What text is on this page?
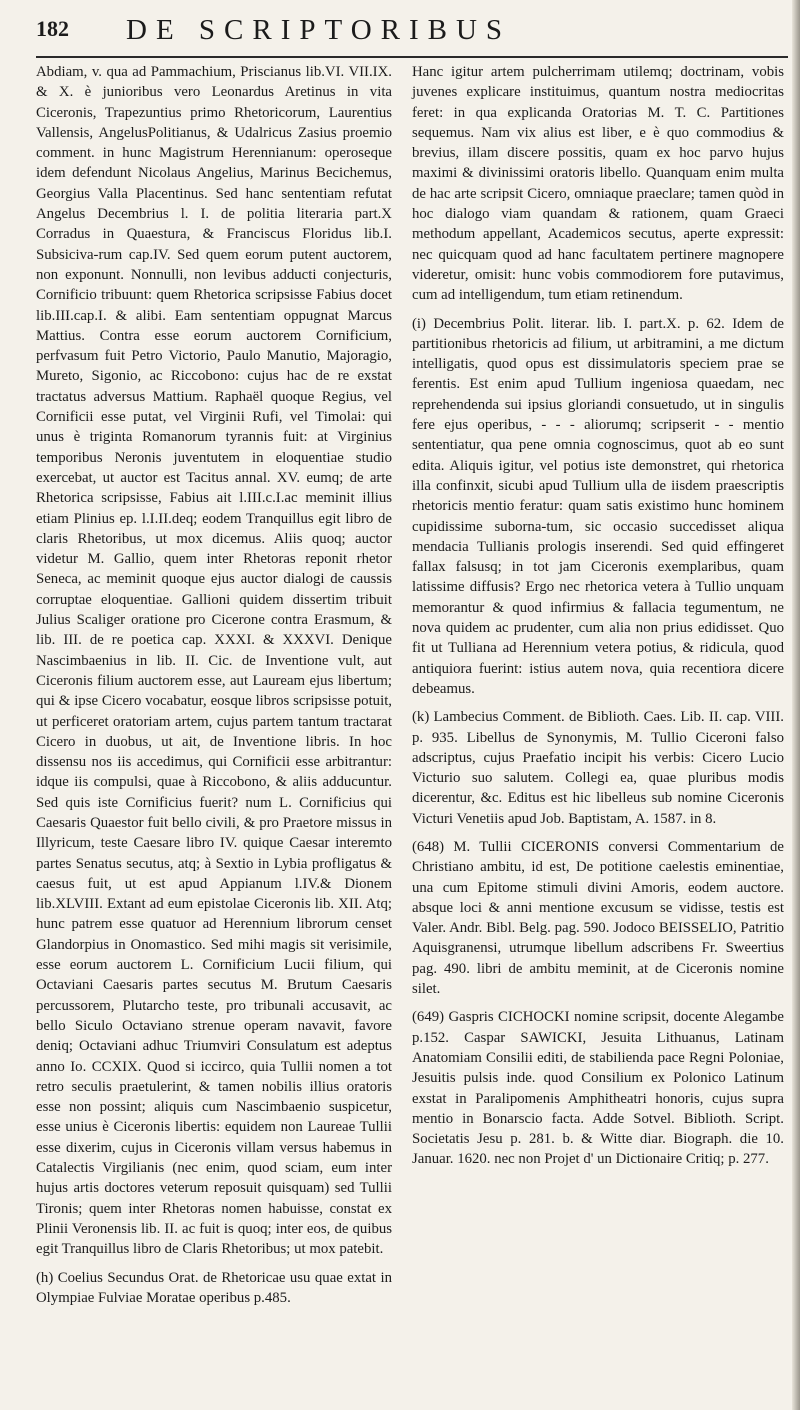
182 DE SCRIPTORIBUS

Abdiam, v. qua ad Pammachium, Priscianus lib.VI. VII.IX. & X. è junioribus vero Leonardus Aretinus in vita Ciceronis, Trapezuntius primo Rhetoricorum, Laurentius Vallensis, AngelusPolitianus, & Udalricus Zasius proemio comment. in hunc Magistrum Herennianum: operoseque idem defendunt Nicolaus Angelius, Marinus Becichemus, Georgius Valla Placentinus. Sed hanc sententiam refutat Angelus Decembrius l. I. de politia literaria part.X Corradus in Quaestura, & Franciscus Floridus lib.I. Subsiciva-rum cap.IV. Sed quem eorum putent auctorem, non exponunt. Nonnulli, non levibus adducti conjecturis, Cornificio tribuunt: quem Rhetorica scripsisse Fabius docet lib.III.cap.I. & alibi. Eam sententiam oppugnat Marcus Mattius. Contra esse eorum auctorem Cornificium, perfvasum fuit Petro Victorio, Paulo Manutio, Majoragio, Mureto, Sigonio, ac Riccobono: cujus hac de re exstat tractatus adversus Mattium. Raphaël quoque Regius, vel Cornificii esse putat, vel Virginii Rufi, vel Timolai: qui unus è triginta Romanorum tyrannis fuit: at Virginius temporibus Neronis juventutem in eloquentiae studio exercebat, ut auctor est Tacitus annal. XV. eumq; de arte Rhetorica scripsisse, Fabius ait l.III.c.I.ac meminit illius etiam Plinius ep. l.I.II.deq; eodem Tranquillus egit libro de claris Rhetoribus, ut mox dicemus. Aliis quoq; auctor videtur M. Gallio, quem inter Rhetoras reponit rhetor Seneca, ac meminit quoque ejus auctor dialogi de caussis corruptae eloquentiae. Gallioni quidem dissertim tribuit Julius Scaliger oratione pro Cicerone contra Erasmum, & lib. III. de re poetica cap. XXXI. & XXXVI. Denique Nascimbaenius in lib. II. Cic. de Inventione vult, aut Ciceronis filium auctorem esse, aut Lauream ejus libertum; qui & ipse Cicero vocabatur, eosque libros scripsisse potuit, ut perficeret oratoriam artem, cujus partem tantum tractarat Cicero in duobus, ut ait, de Inventione libris. In hoc dissensu nos iis accedimus, qui Cornificii esse arbitrantur: idque iis compulsi, quae à Riccobono, & aliis adducuntur. Sed quis iste Cornificius fuerit? num L. Cornificius qui Caesaris Quaestor fuit bello civili, & pro Praetore missus in Illyricum, teste Caesare libro IV. quique Caesar interemto partes Senatus secutus, atq; à Sextio in Lybia profligatus & caesus fuit, ut est apud Appianum l.IV.& Dionem lib.XLVIII. Extant ad eum epistolae Ciceronis lib. XII. Atq; hunc patrem esse quatuor ad Herennium librorum censet Glandorpius in Onomastico. Sed mihi magis sit verisimile, esse eorum auctorem L. Cornificium Lucii filium, qui Octaviani Caesaris partes secutus M. Brutum Caesaris percussorem, Plutarcho teste, pro tribunali accusavit, ac bello Siculo Octaviano strenue operam navavit, favore deniq; Octaviani adhuc Triumviri Consulatum est adeptus anno Io. CCXIX. Quod si iccirco, quia Tullii nomen a tot retro seculis praetulerint, & tamen nobilis illius oratoris esse non possint; aliquis cum Nascimbaenio suspicetur, esse unius è Ciceronis libertis: equidem non Laureae Tullii esse dixerim, cujus in Ciceronis villam versus habemus in Catalectis Virgilianis (nec enim, quod sciam, eum inter hujus artis doctores veterum reposuit quisquam) sed Tullii Tironis; quem inter Rhetoras nomen habuisse, constat ex Plinii Veronensis lib. II. ac fuit is quoq; inter eos, de quibus egit Tranquillus libro de Claris Rhetoribus; ut mox patebit.

(h) Coelius Secundus Orat. de Rhetoricae usu quae extat in Olympiae Fulviae Moratae operibus p.485.

Hanc igitur artem pulcherrimam utilemq; doctrinam, vobis juvenes explicare instituimus, quantum nostra mediocritas feret: in qua explicanda Oratorias M. T. C. Partitiones sequemus. Nam vix alius est liber, e è quo commodius & brevius, illam discere possitis, quam ex hoc parvo hujus maximi & divinissimi oratoris libello. Quanquam enim multa de hac arte scripsit Cicero, omniaque praeclare; tamen quòd in hoc dialogo viam quandam & rationem, quam Graeci methodum appellant, Academicos secutus, aperte expressit: nec quicquam quod ad hanc facultatem pertinere magnopere videretur, omisit: hunc vobis commodiorem fore putavimus, cum ad intelligendum, tum etiam retinendum.

(i) Decembrius Polit. literar. lib. I. part.X. p. 62. Idem de partitionibus rhetoricis ad filium, ut arbitramini, a me dictum intelligatis, quod opus est dissimulatoris speciem prae se ferentis. Est enim apud Tullium ingeniosa quaedam, nec reprehendenda sui ipsius gloriandi consuetudo, ut in singulis fere ejus operibus, - - - aliorumq; scripserit - - mentio sententiatur, qua pene omnia cognoscimus, quot ab eo sunt edita. Aliquis igitur, vel potius iste demonstret, qui rhetorica illa confinxit, sicubi apud Tullium ulla de iisdem praescriptis rhetoricis mentio feratur: quam satis existimo hunc hominem cupidissime suborna-tum, sic occasio succedisset aliqua mendacia Tullianis prologis inserendi. Sed quid effingeret fallax falsusq; in tot jam Ciceronis exemplaribus, quam latissime diffusis? Ergo nec rhetorica vetera à Tullio unquam memorantur & quod infirmius & fallacia tegumentum, ne nova quidem ac prudenter, cum alia non prius edidisset. Quo fit ut Tulliana ad Herennium vetera potius, & ridicula, quod antiquiora fuerint: istius autem nova, quia recentiora dicere debeamus.

(k) Lambecius Comment. de Biblioth. Caes. Lib. II. cap. VIII. p. 935. Libellus de Synonymis, M. Tullio Ciceroni falso adscriptus, cujus Praefatio incipit his verbis: Cicero Lucio Victurio suo salutem. Collegi ea, quae pluribus modis dicerentur, &c. Editus est hic libelleus sub nomine Ciceronis Victuri Venetiis apud Job. Baptistam, A. 1587. in 8.

(648) M. Tullii CICERONIS conversi Commentarium de Christiano ambitu, id est, De potitione caelestis eminentiae, una cum Epitome stimuli divini Amoris, eodem auctore. absque loci & anni mentione excusum se vidisse, testis est Valer. Andr. Bibl. Belg. pag. 590. Jodoco BEISSELIO, Patritio Aquisgranensi, utrumque libellum adscribens Fr. Sweertius pag. 490. libri de ambitu meminit, at de Ciceronis nomine silet.

(649) Gaspris CICHOCKI nomine scripsit, docente Alegambe p.152. Caspar SAWICKI, Jesuita Lithuanus, Latinam Anatomiam Consilii editi, de stabilienda pace Regni Poloniae, Jesuitis pulsis inde. quod Consilium ex Polonico Latinum exstat in Paralipomenis Amphitheatri honoris, cujus supra mentio in Bonarscio facta. Adde Sotvel. Biblioth. Script. Societatis Jesu p. 281. b. & Witte diar. Biograph. die 10. Januar. 1620. nec non Projet d' un Dictionaire Critiq; p. 277.
